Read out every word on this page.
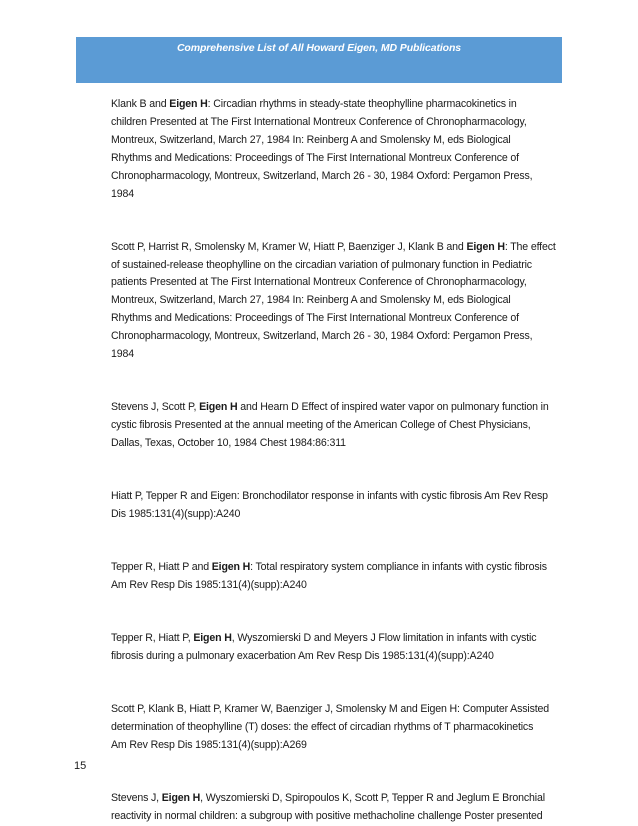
Comprehensive List of All Howard Eigen, MD Publications
Klank B and Eigen H: Circadian rhythms in steady-state theophylline pharmacokinetics in
children Presented at The First International Montreux Conference of Chronopharmacology,
Montreux, Switzerland, March 27, 1984 In: Reinberg A and Smolensky M, eds Biological
Rhythms and Medications: Proceedings of The First International Montreux Conference of
Chronopharmacology, Montreux, Switzerland, March 26 - 30, 1984 Oxford: Pergamon Press,
1984
Scott P, Harrist R, Smolensky M, Kramer W, Hiatt P, Baenziger J, Klank B and Eigen H: The effect
of sustained-release theophylline on the circadian variation of pulmonary function in Pediatric
patients Presented at The First International Montreux Conference of Chronopharmacology,
Montreux, Switzerland, March 27, 1984 In: Reinberg A and Smolensky M, eds Biological
Rhythms and Medications: Proceedings of The First International Montreux Conference of
Chronopharmacology, Montreux, Switzerland, March 26 - 30, 1984 Oxford: Pergamon Press,
1984
Stevens J, Scott P, Eigen H and Hearn D Effect of inspired water vapor on pulmonary function in
cystic fibrosis Presented at the annual meeting of the American College of Chest Physicians,
Dallas, Texas, October 10, 1984 Chest 1984:86:311
Hiatt P, Tepper R and Eigen: Bronchodilator response in infants with cystic fibrosis Am Rev Resp
Dis 1985:131(4)(supp):A240
Tepper R, Hiatt P and Eigen H: Total respiratory system compliance in infants with cystic fibrosis
Am Rev Resp Dis 1985:131(4)(supp):A240
Tepper R, Hiatt P, Eigen H, Wyszomierski D and Meyers J Flow limitation in infants with cystic
fibrosis during a pulmonary exacerbation Am Rev Resp Dis 1985:131(4)(supp):A240
Scott P, Klank B, Hiatt P, Kramer W, Baenziger J, Smolensky M and Eigen H: Computer Assisted
determination of theophylline (T) doses: the effect of circadian rhythms of T pharmacokinetics
Am Rev Resp Dis 1985:131(4)(supp):A269
Stevens J, Eigen H, Wyszomierski D, Spiropoulos K, Scott P, Tepper R and Jeglum E Bronchial
reactivity in normal children: a subgroup with positive methacholine challenge Poster presented
15
